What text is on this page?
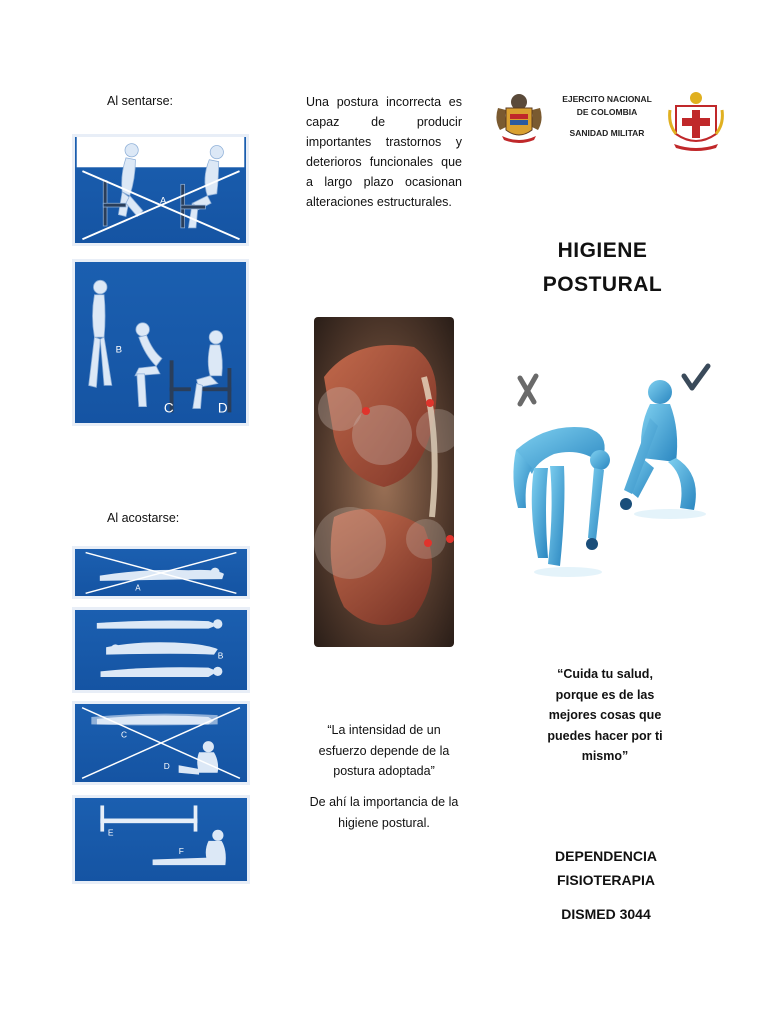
Al sentarse:
A
B
C	D
Al acostarse:
A
B
C
D
E
F
Una postura incorrecta es capaz de producir importantes trastornos y deterioros funcionales que a largo plazo ocasionan alteraciones estructurales.
“La intensidad de un esfuerzo depende de la postura adoptada”
De ahí la importancia de la higiene postural.
EJERCITO NACIONAL
DE COLOMBIA
SANIDAD MILITAR
HIGIENE
POSTURAL
“Cuida tu salud, porque es de las mejores cosas que puedes hacer por ti mismo”
DEPENDENCIA
FISIOTERAPIA
DISMED 3044
